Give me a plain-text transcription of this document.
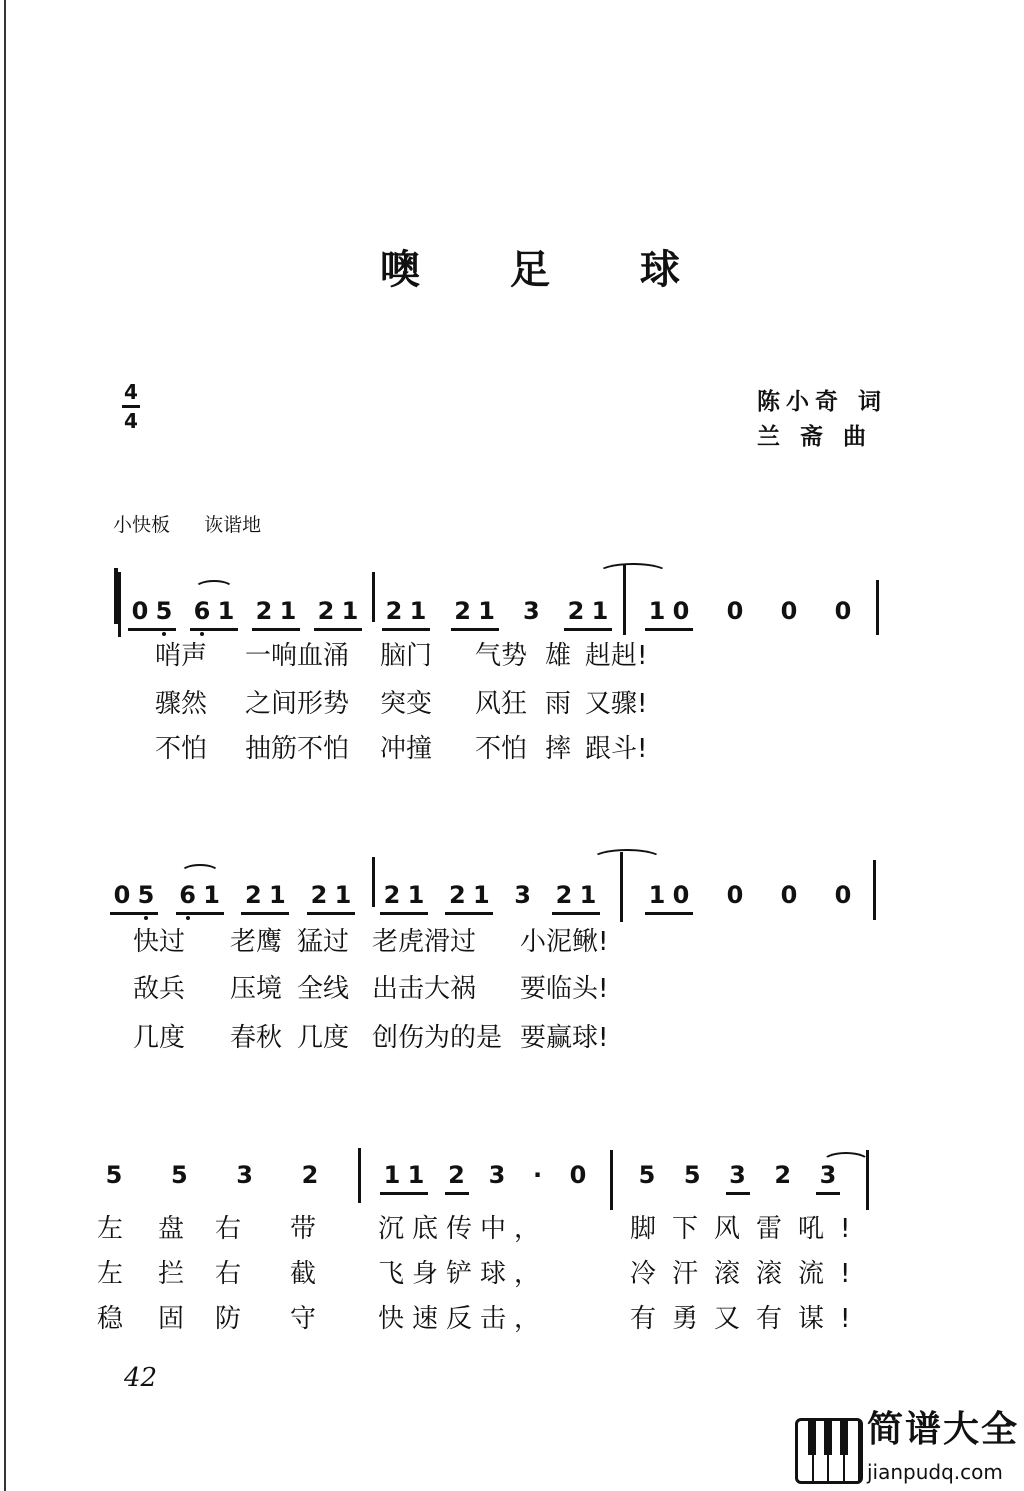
噢 足 球
4
4
陈小奇 词
兰 斋 曲
小快板 诙谐地
0 5 6 1 2 1 2 1 2 1 2 1 3 2 1 1 0 0 0 0
哨声 一响血涌 脑门 气势 雄 赳赳!
骤然 之间形势 突变 风狂 雨 又骤!
不怕 抽筋不怕 冲撞 不怕 摔 跟斗!
0 5 6 1 2 1 2 1 2 1 2 1 3 2 1 1 0 0 0 0
快过 老鹰 猛过 老虎滑过 小泥鳅!
敌兵 压境 全线 出击大祸 要临头!
几度 春秋 几度 创伤为的是 要赢球!
5 5 3 2	1 1 2 3	·	0 5 5 3 2 3
左 盘 右 带 沉底传中，	脚下风雷吼!
左 拦 右 截 飞身铲球，	冷汗滚滚流!
稳 固 防 守 快速反击，	有勇又有谋!
42
简谱大全
jianpudq.com
